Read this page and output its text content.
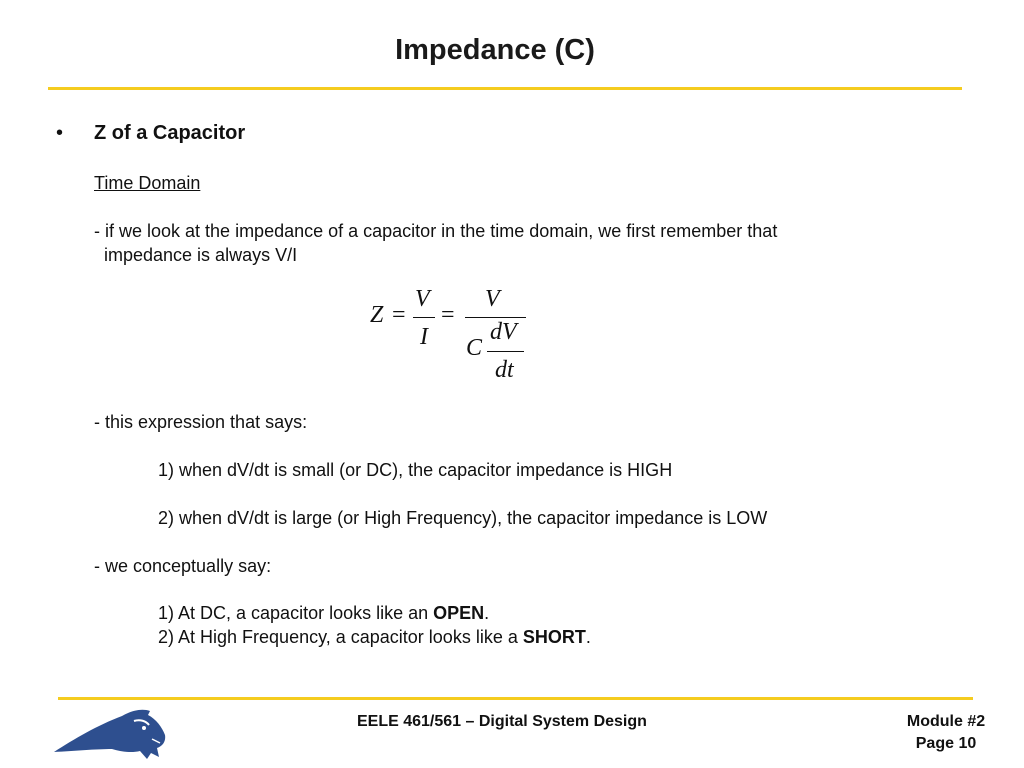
Impedance (C)
• Z of a Capacitor
Time Domain
- if we look at the impedance of a capacitor in the time domain, we first remember that
impedance is always V/I
Z =
V
I
=
V
C
dV
dt
- this expression that says:
1) when dV/dt is small (or DC), the capacitor impedance is HIGH
2) when dV/dt is large (or High Frequency), the capacitor impedance is LOW
- we conceptually say:
1) At DC, a capacitor looks like an OPEN.
2) At High Frequency, a capacitor looks like a SHORT.
EELE 461/561 – Digital System Design	Module #2
Page 10
